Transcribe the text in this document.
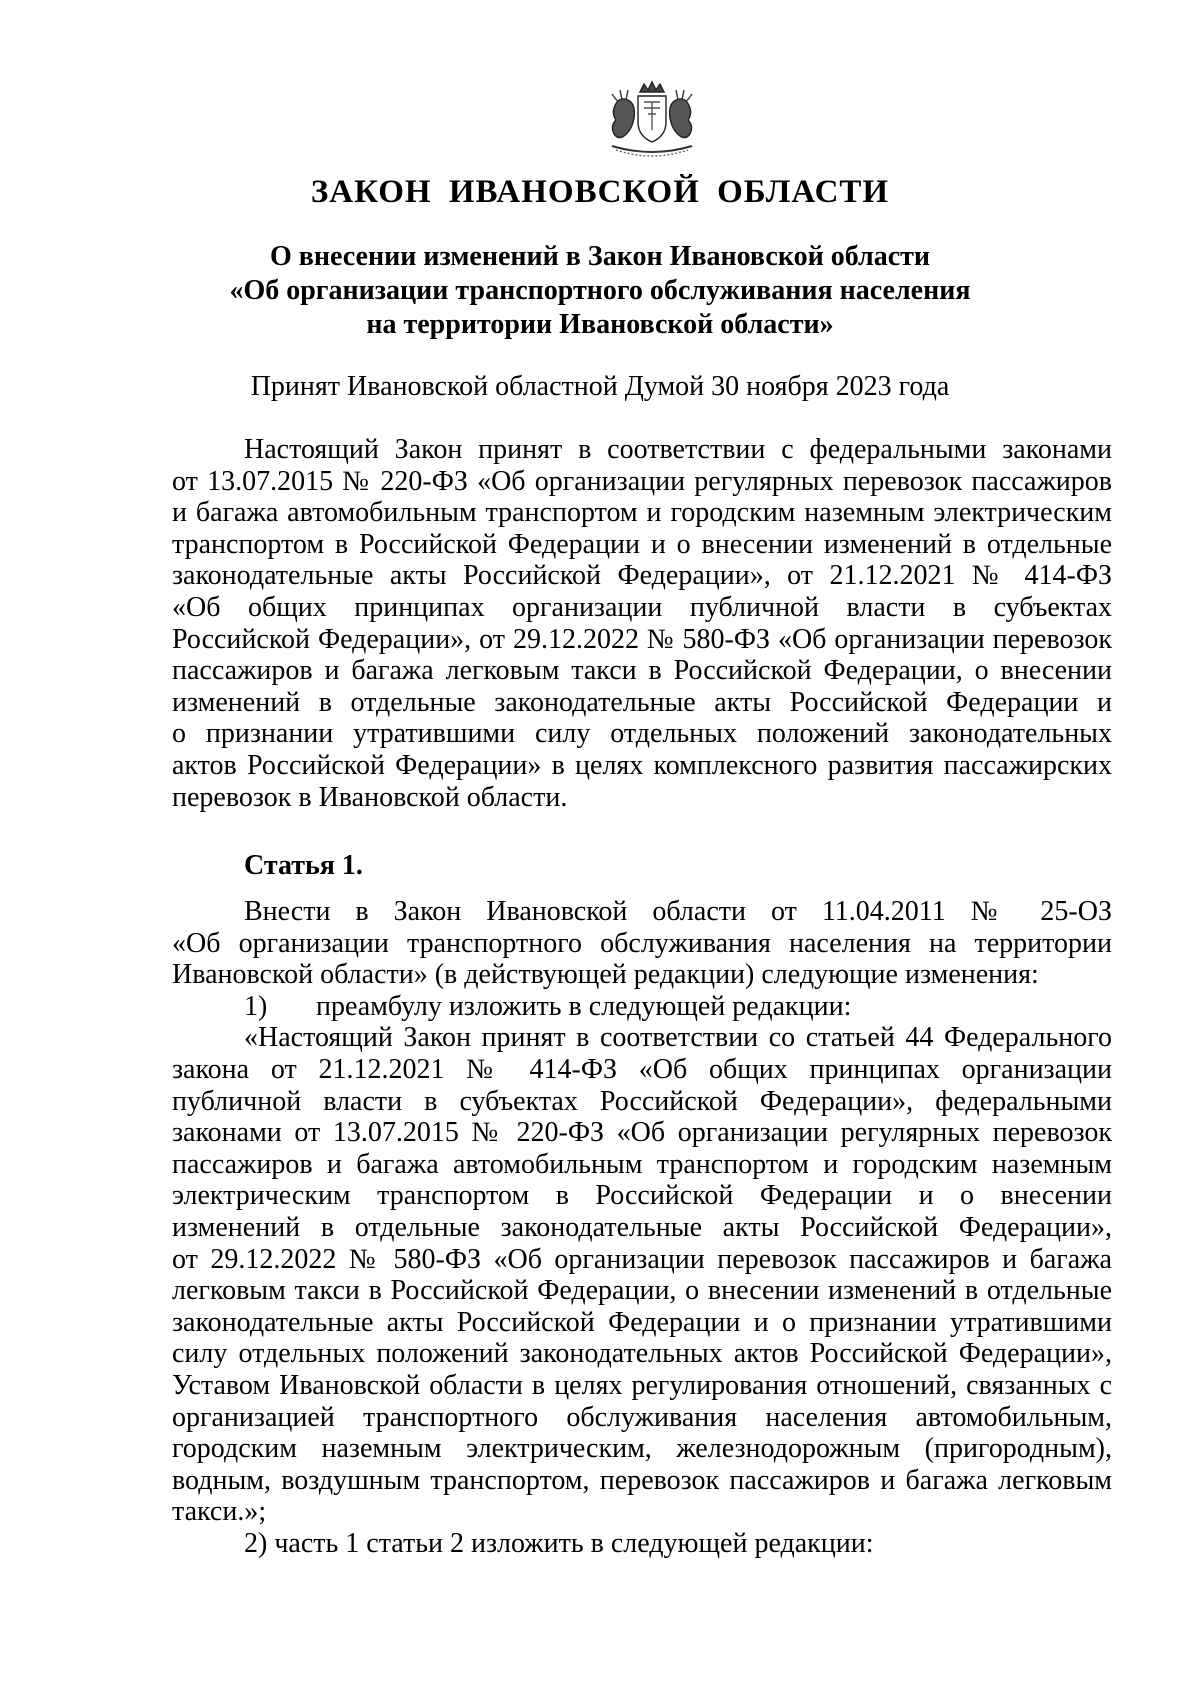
ЗАКОН ИВАНОВСКОЙ ОБЛАСТИ
О внесении изменений в Закон Ивановской области
«Об организации транспортного обслуживания населения
на территории Ивановской области»
Принят Ивановской областной Думой 30 ноября 2023 года
Настоящий Закон принят в соответствии с федеральными законами
от 13.07.2015 № 220-ФЗ «Об организации регулярных перевозок пассажиров
и багажа автомобильным транспортом и городским наземным электрическим
транспортом в Российской Федерации и о внесении изменений в отдельные
законодательные акты Российской Федерации», от 21.12.2021 № 414-ФЗ
«Об общих принципах организации публичной власти в субъектах
Российской Федерации», от 29.12.2022 № 580-ФЗ «Об организации перевозок
пассажиров и багажа легковым такси в Российской Федерации, о внесении
изменений в отдельные законодательные акты Российской Федерации и
о признании утратившими силу отдельных положений законодательных
актов Российской Федерации» в целях комплексного развития пассажирских
перевозок в Ивановской области.
Статья 1.
Внести в Закон Ивановской области от 11.04.2011 № 25-ОЗ
«Об организации транспортного обслуживания населения на территории
Ивановской области» (в действующей редакции) следующие изменения:
1) преамбулу изложить в следующей редакции:
«Настоящий Закон принят в соответствии со статьей 44 Федерального
закона от 21.12.2021 № 414-ФЗ «Об общих принципах организации
публичной власти в субъектах Российской Федерации», федеральными
законами от 13.07.2015 № 220-ФЗ «Об организации регулярных перевозок
пассажиров и багажа автомобильным транспортом и городским наземным
электрическим транспортом в Российской Федерации и о внесении
изменений в отдельные законодательные акты Российской Федерации»,
от 29.12.2022 № 580-ФЗ «Об организации перевозок пассажиров и багажа
легковым такси в Российской Федерации, о внесении изменений в отдельные
законодательные акты Российской Федерации и о признании утратившими
силу отдельных положений законодательных актов Российской Федерации»,
Уставом Ивановской области в целях регулирования отношений, связанных с
организацией транспортного обслуживания населения автомобильным,
городским наземным электрическим, железнодорожным (пригородным),
водным, воздушным транспортом, перевозок пассажиров и багажа легковым
такси.»;
2) часть 1 статьи 2 изложить в следующей редакции:
